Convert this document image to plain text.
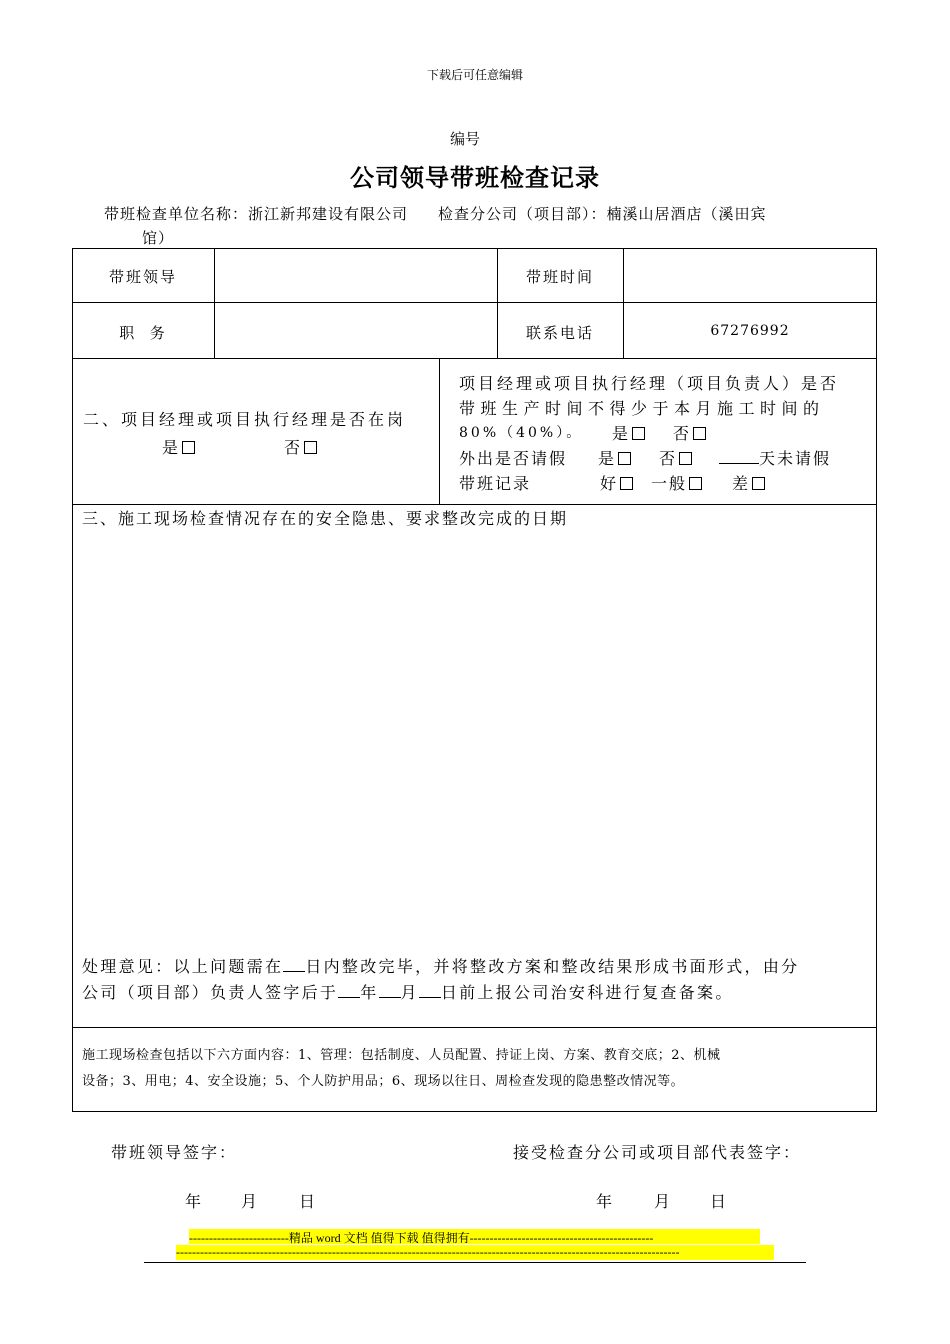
下载后可任意编辑
编号
公司领导带班检查记录
带班检查单位名称：浙江新邦建设有限公司 检查分公司（项目部）：楠溪山居酒店（溪田宾
馆）
带班领导	带班时间
职  务	联系电话	67276992
二、项目经理或项目执行经理是否在岗
是	否
项目经理或项目执行经理（项目负责人）是否
带班生产时间不得少于本月施工时间的
80%（40%）。 是	否
外出是否请假 是	否	天未请假
带班记录	好	一般	差
三、施工现场检查情况存在的安全隐患、要求整改完成的日期
处理意见：以上问题需在 日内整改完毕，并将整改方案和整改结果形成书面形式，由分
公司（项目部）负责人签字后于 年 月 日前上报公司治安科进行复查备案。
施工现场检查包括以下六方面内容：1、管理：包括制度、人员配置、持证上岗、方案、教育交底；2、机械
设备；3、用电；4、安全设施；5、个人防护用品；6、现场以往日、周检查发现的隐患整改情况等。
带班领导签字：	接受检查分公司或项目部代表签字：
年 月 日	年 月 日
-------------------------精品 word 文档 值得下载 值得拥有----------------------------------------------
------------------------------------------------------------------------------------------------------------------------------
